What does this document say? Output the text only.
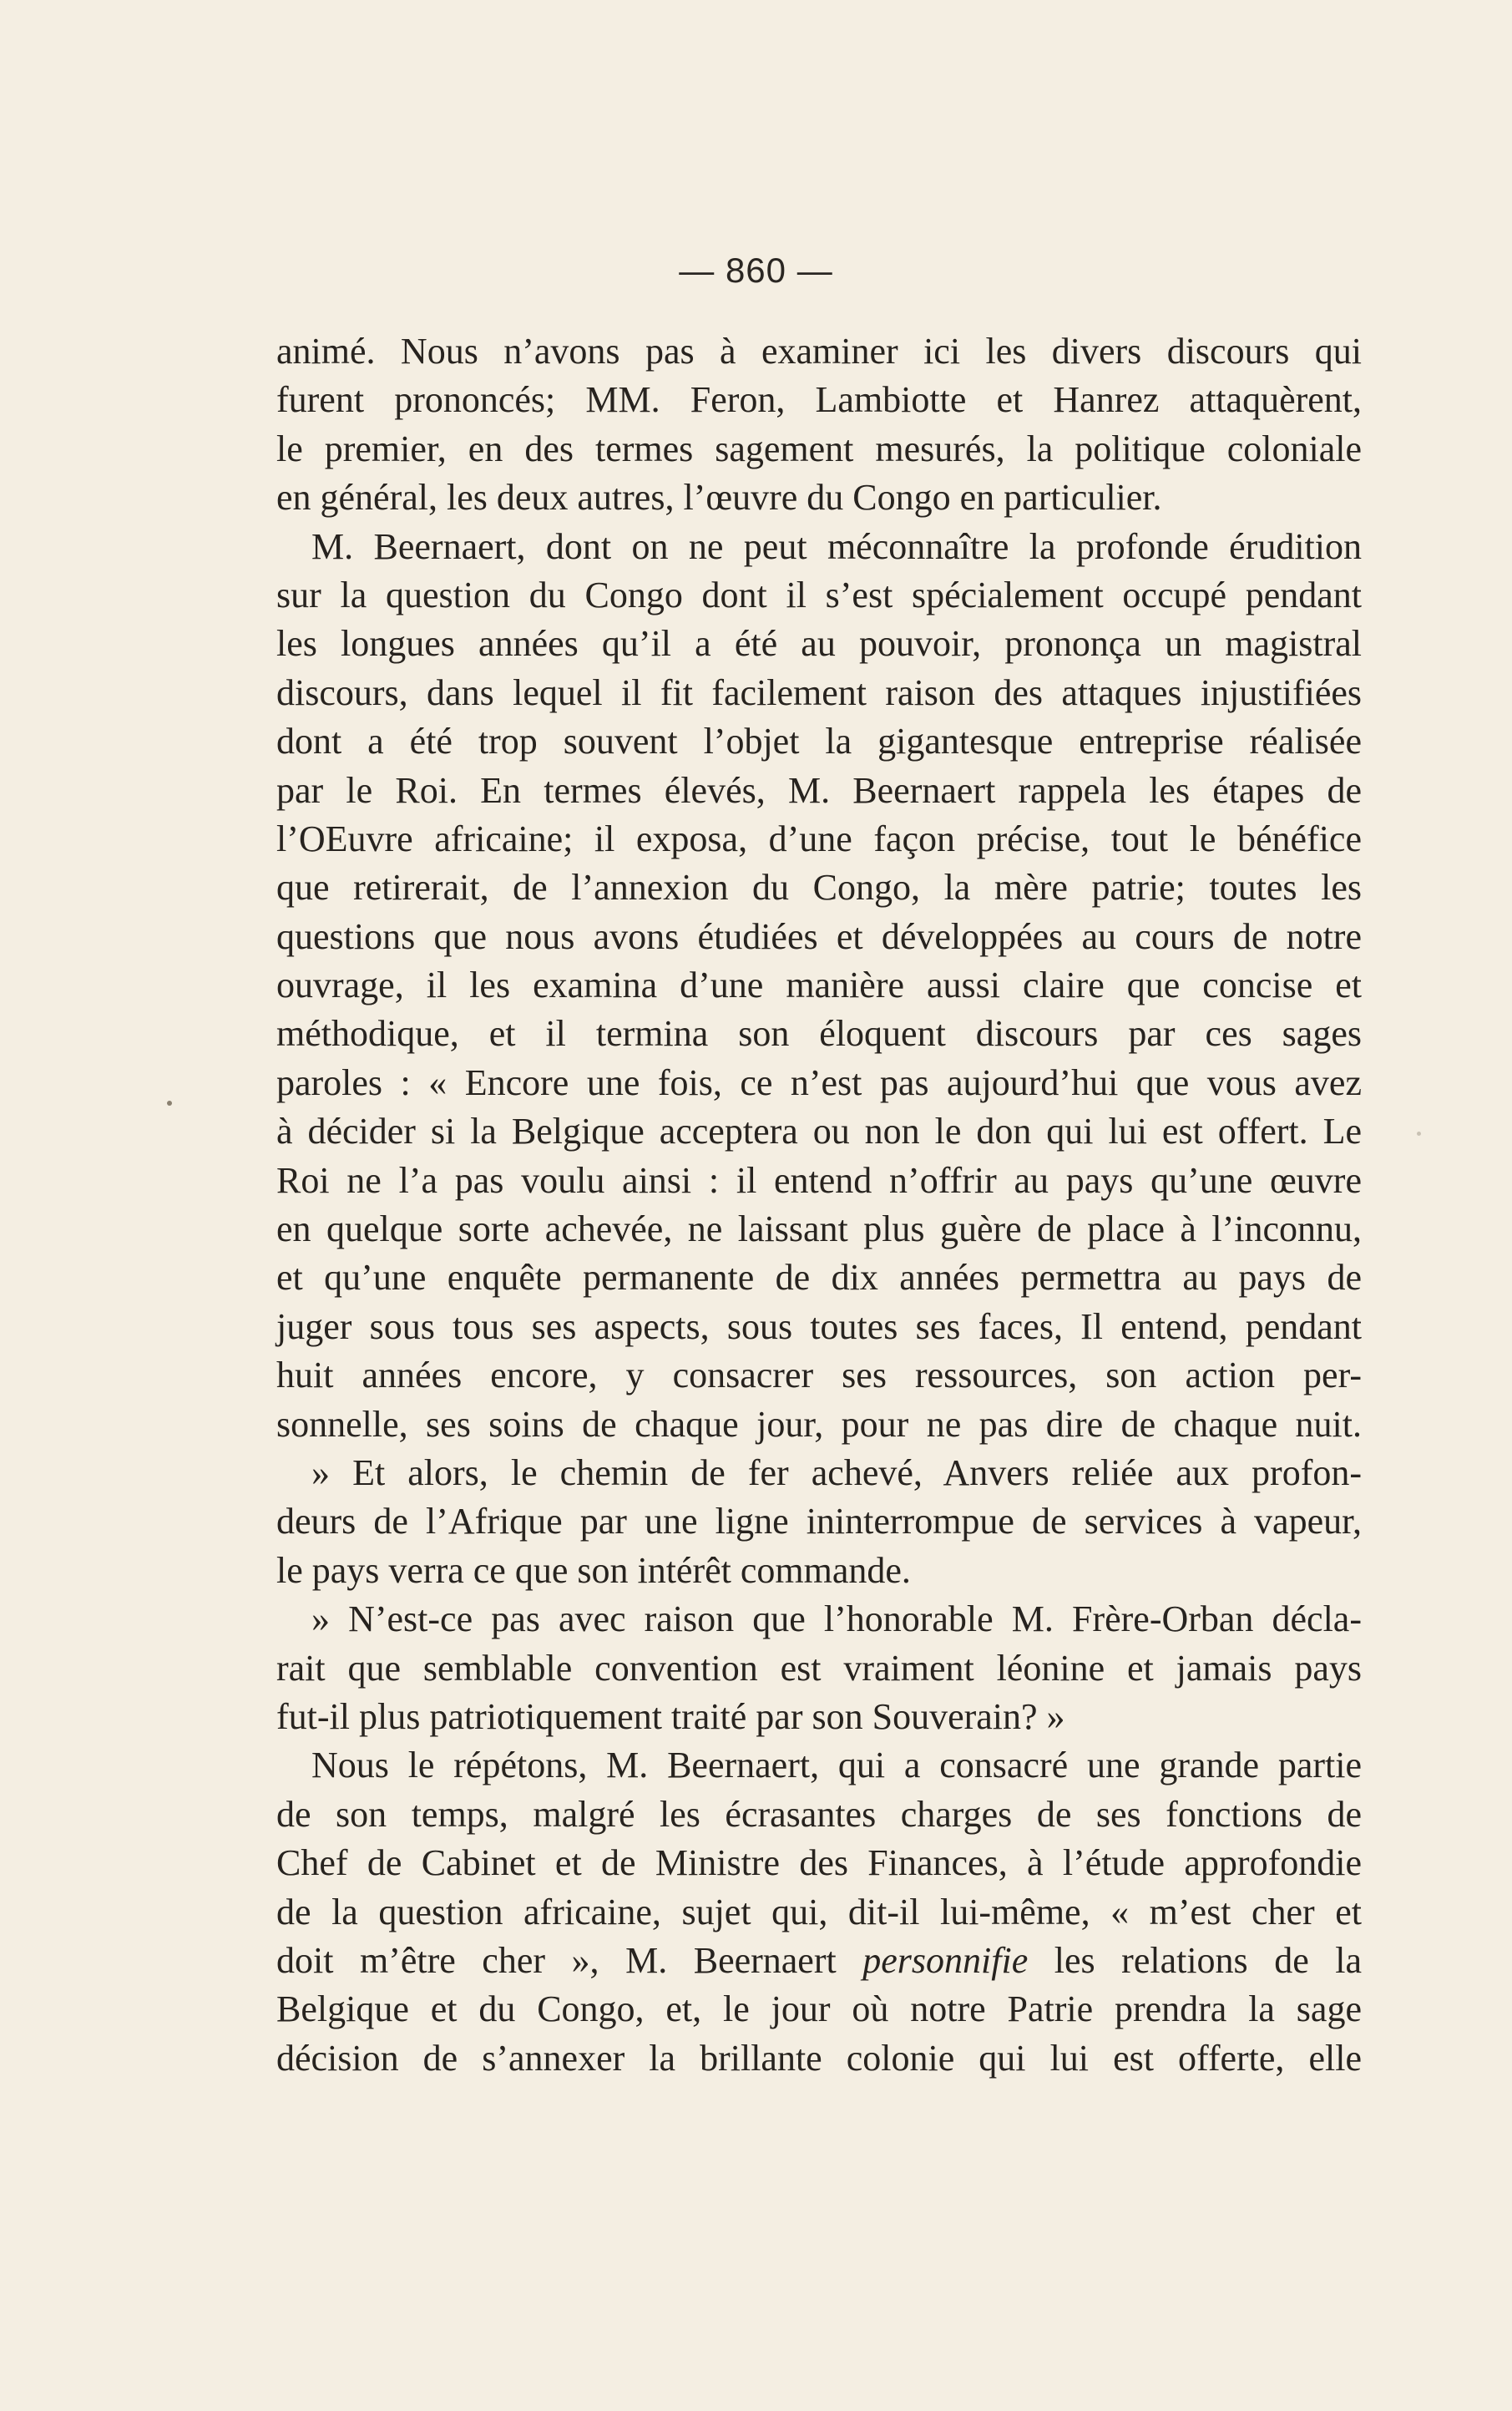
— 860 —
animé. Nous n’avons pas à examiner ici les divers discours qui
furent prononcés; MM. Feron, Lambiotte et Hanrez attaquèrent,
le premier, en des termes sagement mesurés, la politique coloniale
en général, les deux autres, l’œuvre du Congo en particulier.
M. Beernaert, dont on ne peut méconnaître la profonde érudition
sur la question du Congo dont il s’est spécialement occupé pendant
les longues années qu’il a été au pouvoir, prononça un magistral
discours, dans lequel il fit facilement raison des attaques injustifiées
dont a été trop souvent l’objet la gigantesque entreprise réalisée
par le Roi. En termes élevés, M. Beernaert rappela les étapes de
l’OEuvre africaine; il exposa, d’une façon précise, tout le bénéfice
que retirerait, de l’annexion du Congo, la mère patrie; toutes les
questions que nous avons étudiées et développées au cours de notre
ouvrage, il les examina d’une manière aussi claire que concise et
méthodique, et il termina son éloquent discours par ces sages
paroles : « Encore une fois, ce n’est pas aujourd’hui que vous avez
à décider si la Belgique acceptera ou non le don qui lui est offert. Le
Roi ne l’a pas voulu ainsi : il entend n’offrir au pays qu’une œuvre
en quelque sorte achevée, ne laissant plus guère de place à l’inconnu,
et qu’une enquête permanente de dix années permettra au pays de
juger sous tous ses aspects, sous toutes ses faces, Il entend, pendant
huit années encore, y consacrer ses ressources, son action per-
sonnelle, ses soins de chaque jour, pour ne pas dire de chaque nuit.
» Et alors, le chemin de fer achevé, Anvers reliée aux profon-
deurs de l’Afrique par une ligne ininterrompue de services à vapeur,
le pays verra ce que son intérêt commande.
» N’est-ce pas avec raison que l’honorable M. Frère-Orban décla-
rait que semblable convention est vraiment léonine et jamais pays
fut-il plus patriotiquement traité par son Souverain? »
Nous le répétons, M. Beernaert, qui a consacré une grande partie
de son temps, malgré les écrasantes charges de ses fonctions de
Chef de Cabinet et de Ministre des Finances, à l’étude approfondie
de la question africaine, sujet qui, dit-il lui-même, « m’est cher et
doit m’être cher », M. Beernaert personnifie les relations de la
Belgique et du Congo, et, le jour où notre Patrie prendra la sage
décision de s’annexer la brillante colonie qui lui est offerte, elle
